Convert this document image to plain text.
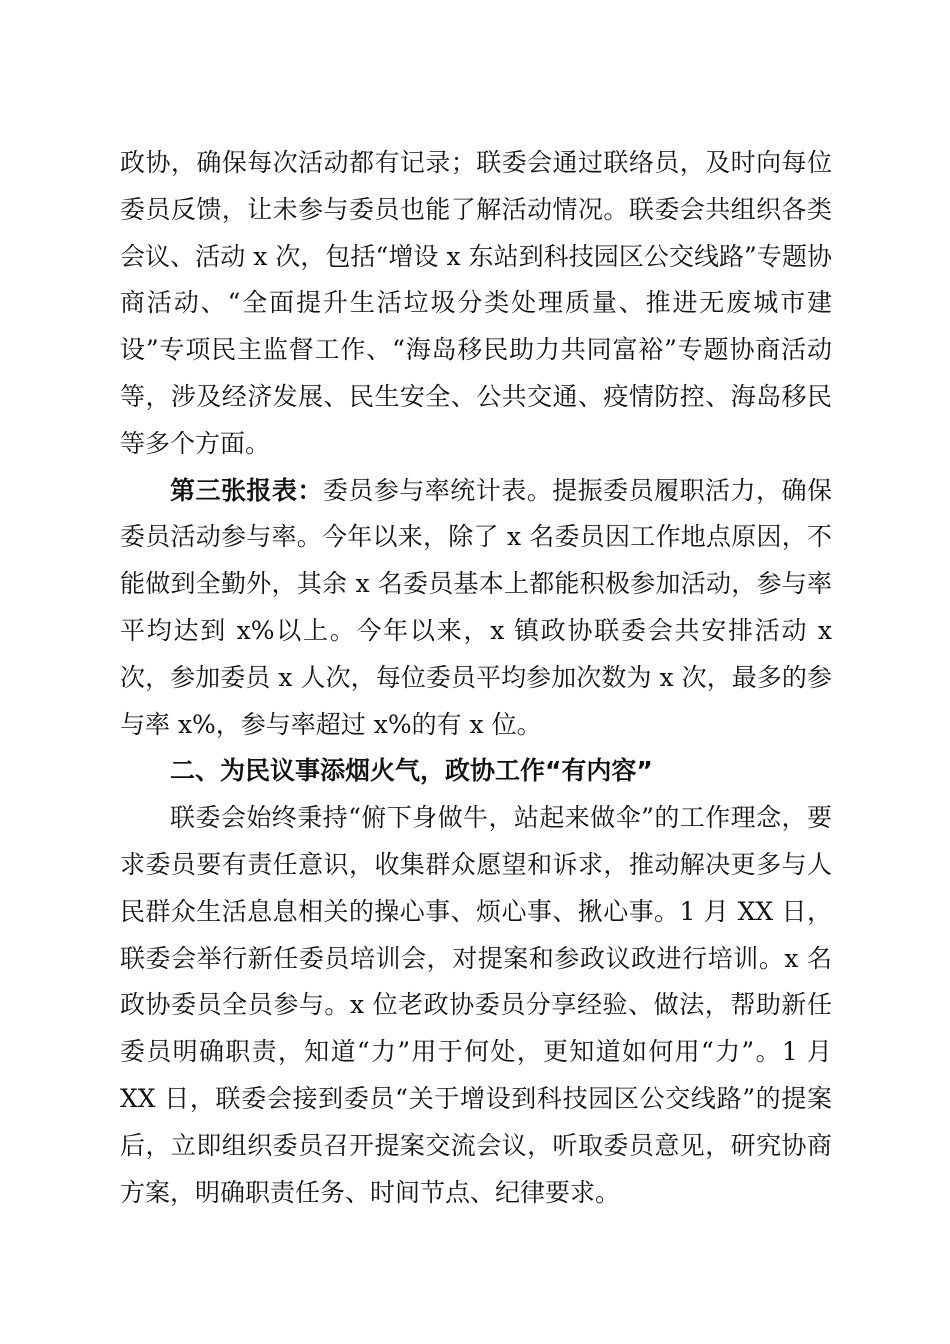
政协，确保每次活动都有记录；联委会通过联络员，及时向每位委员反馈，让未参与委员也能了解活动情况。联委会共组织各类会议、活动 x 次，包括“增设 x 东站到科技园区公交线路”专题协商活动、“全面提升生活垃圾分类处理质量、推进无废城市建设”专项民主监督工作、“海岛移民助力共同富裕”专题协商活动等，涉及经济发展、民生安全、公共交通、疫情防控、海岛移民等多个方面。

第三张报表：委员参与率统计表。提振委员履职活力，确保委员活动参与率。今年以来，除了 x 名委员因工作地点原因，不能做到全勤外，其余 x 名委员基本上都能积极参加活动，参与率平均达到 x%以上。今年以来，x 镇政协联委会共安排活动 x 次，参加委员 x 人次，每位委员平均参加次数为 x 次，最多的参与率 x%，参与率超过 x%的有 x 位。

二、为民议事添烟火气，政协工作“有内容”

联委会始终秉持“俯下身做牛，站起来做伞”的工作理念，要求委员要有责任意识，收集群众愿望和诉求，推动解决更多与人民群众生活息息相关的操心事、烦心事、揪心事。1 月 XX 日，联委会举行新任委员培训会，对提案和参政议政进行培训。x 名政协委员全员参与。x 位老政协委员分享经验、做法，帮助新任委员明确职责，知道“力”用于何处，更知道如何用“力”。1 月 XX 日，联委会接到委员“关于增设到科技园区公交线路”的提案后，立即组织委员召开提案交流会议，听取委员意见，研究协商方案，明确职责任务、时间节点、纪律要求。
